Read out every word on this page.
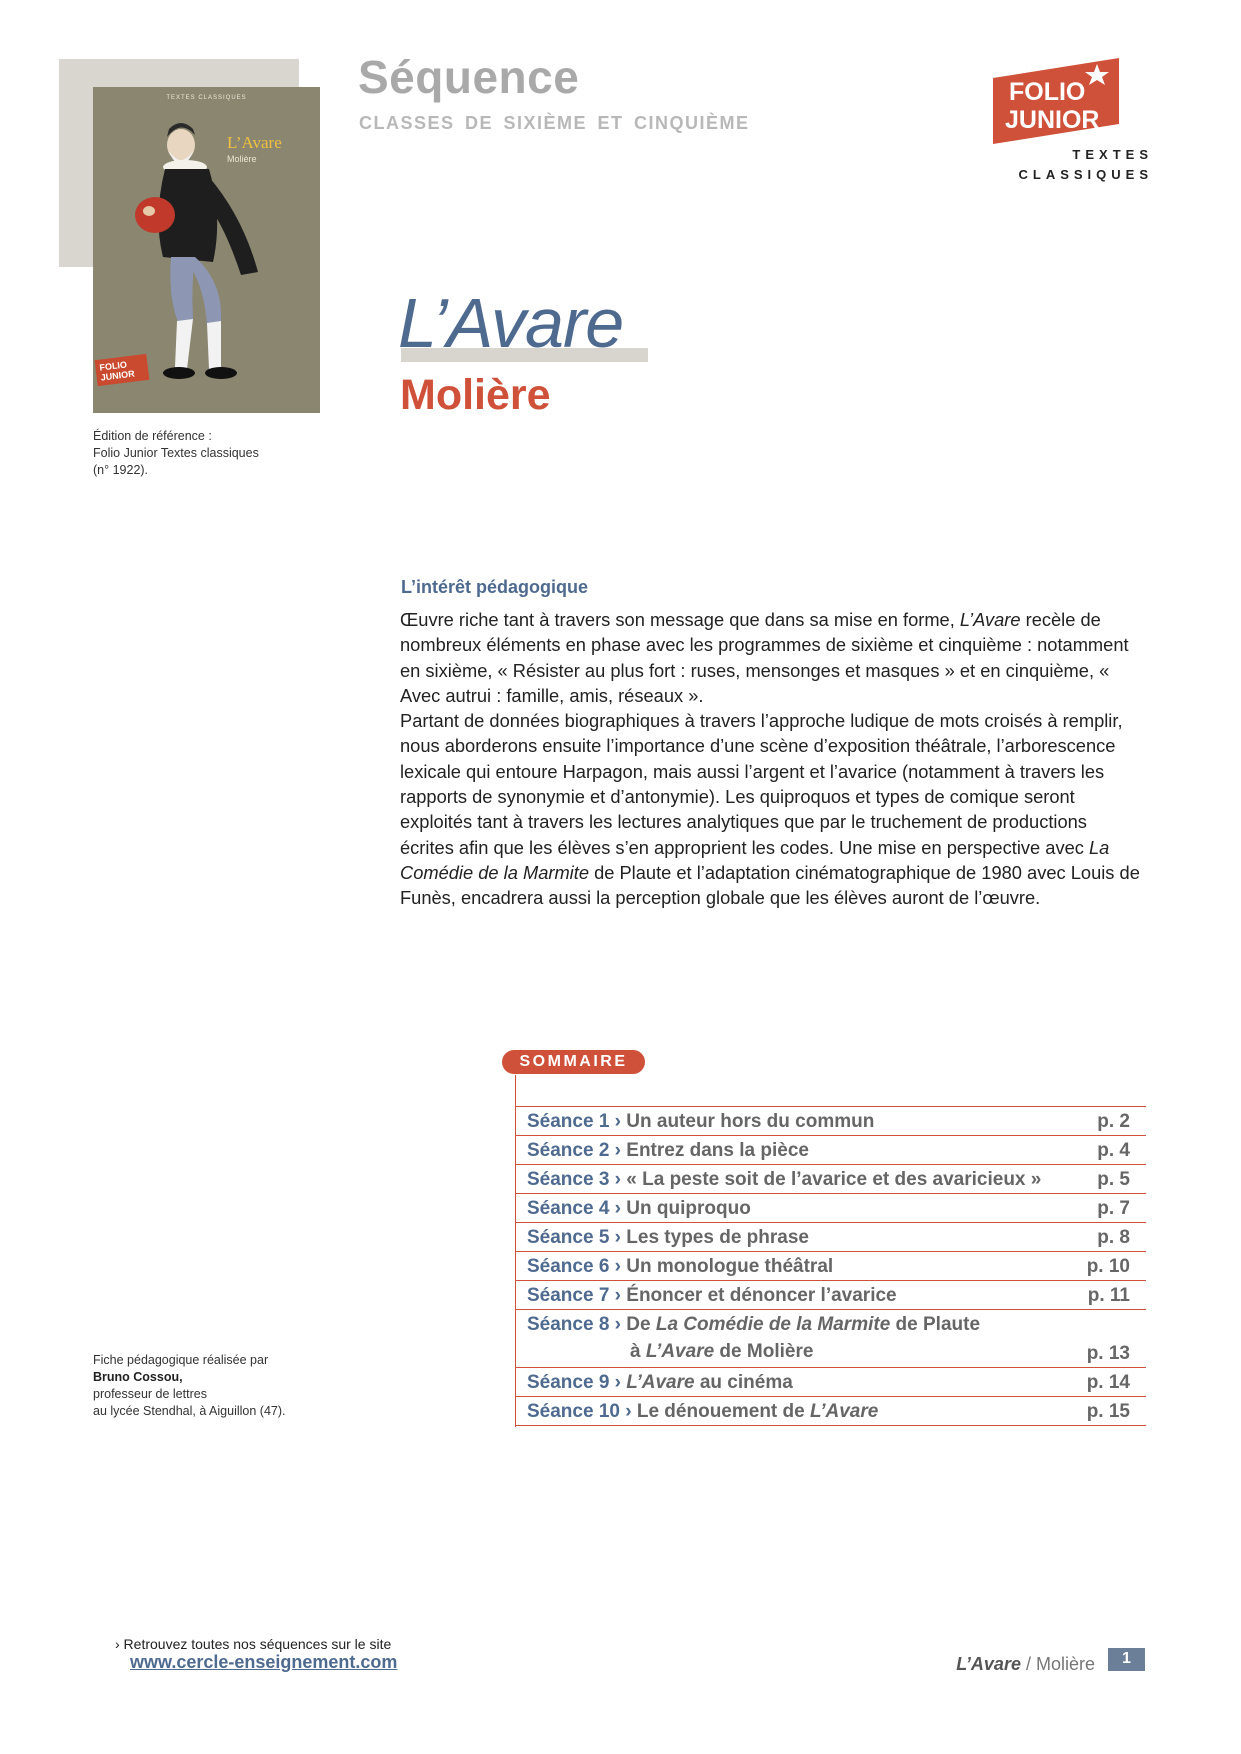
TEXTES CLASSIQUES
L’Avare
Molière
FOLIO
JUNIOR
Édition de référence :
Folio Junior Textes classiques
(n° 1922).
Séquence
CLASSES DE SIXIÈME ET CINQUIÈME
FOLIO
JUNIOR
TEXTES
CLASSIQUES
L’Avare
Molière
L’intérêt pédagogique

Œuvre riche tant à travers son message que dans sa mise en forme, L’Avare recèle de nombreux éléments en phase avec les programmes de sixième et cinquième : notamment en sixième, « Résister au plus fort : ruses, mensonges et masques » et en cinquième, « Avec autrui : famille, amis, réseaux ».

Partant de données biographiques à travers l’approche ludique de mots croisés à remplir, nous aborderons ensuite l’importance d’une scène d’exposition théâtrale, l’arborescence lexicale qui entoure Harpagon, mais aussi l’argent et l’avarice (notamment à travers les rapports de synonymie et d’antonymie). Les quiproquos et types de comique seront exploités tant à travers les lectures analytiques que par le truchement de productions écrites afin que les élèves s’en approprient les codes. Une mise en perspective avec La Comédie de la Marmite de Plaute et l’adaptation cinématographique de 1980 avec Louis de Funès, encadrera aussi la perception globale que les élèves auront de l’œuvre.

SOMMAIRE
Séance 1 › Un auteur hors du commun	p. 2
Séance 2 › Entrez dans la pièce	p. 4
Séance 3 › « La peste soit de l’avarice et des avaricieux »	p. 5
Séance 4 › Un quiproquo	p. 7
Séance 5 › Les types de phrase	p. 8
Séance 6 › Un monologue théâtral	p. 10
Séance 7 › Énoncer et dénoncer l’avarice	p. 11
Séance 8 › De La Comédie de la Marmite de Plaute
à L’Avare de Molière	p. 13
Séance 9 › L’Avare au cinéma	p. 14
Séance 10 › Le dénouement de L’Avare	p. 15
Fiche pédagogique réalisée par
Bruno Cossou,
professeur de lettres
au lycée Stendhal, à Aiguillon (47).
› Retrouvez toutes nos séquences sur le site
www.cercle-enseignement.com	L’Avare / Molière	1
